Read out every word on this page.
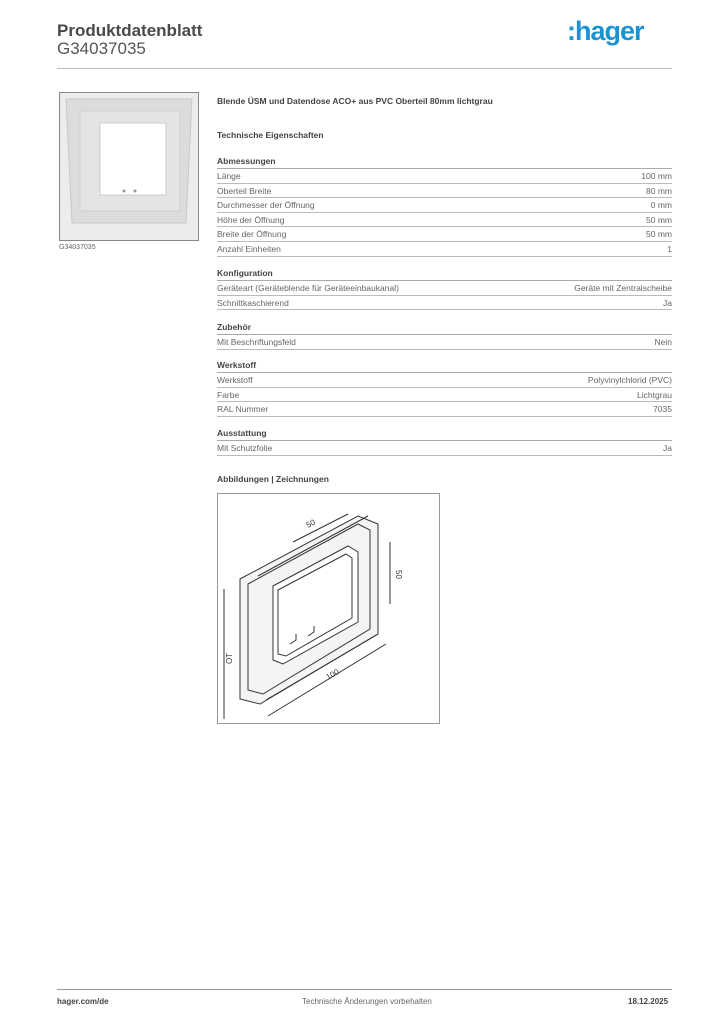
Produktdatenblatt
G34037035
:hager
G34037035
Blende ÜSM und Datendose ACO+ aus PVC Oberteil 80mm lichtgrau
Technische Eigenschaften
Abmessungen
Länge	100 mm
Oberteil Breite	80 mm
Durchmesser der Öffnung	0 mm
Höhe der Öffnung	50 mm
Breite der Öffnung	50 mm
Anzahl Einheiten	1
Konfiguration
Geräteart (Geräteblende für Geräteeinbaukanal)	Geräte mit Zentralscheibe
Schnittkaschierend	Ja
Zubehör
Mit Beschriftungsfeld	Nein
Werkstoff
Werkstoff	Polyvinylchlorid (PVC)
Farbe	Lichtgrau
RAL Nummer	7035
Ausstattung
Mit Schutzfolie	Ja
Abbildungen | Zeichnungen
50
50
100
OT
hager.com/de	Technische Änderungen vorbehalten	18.12.2025
